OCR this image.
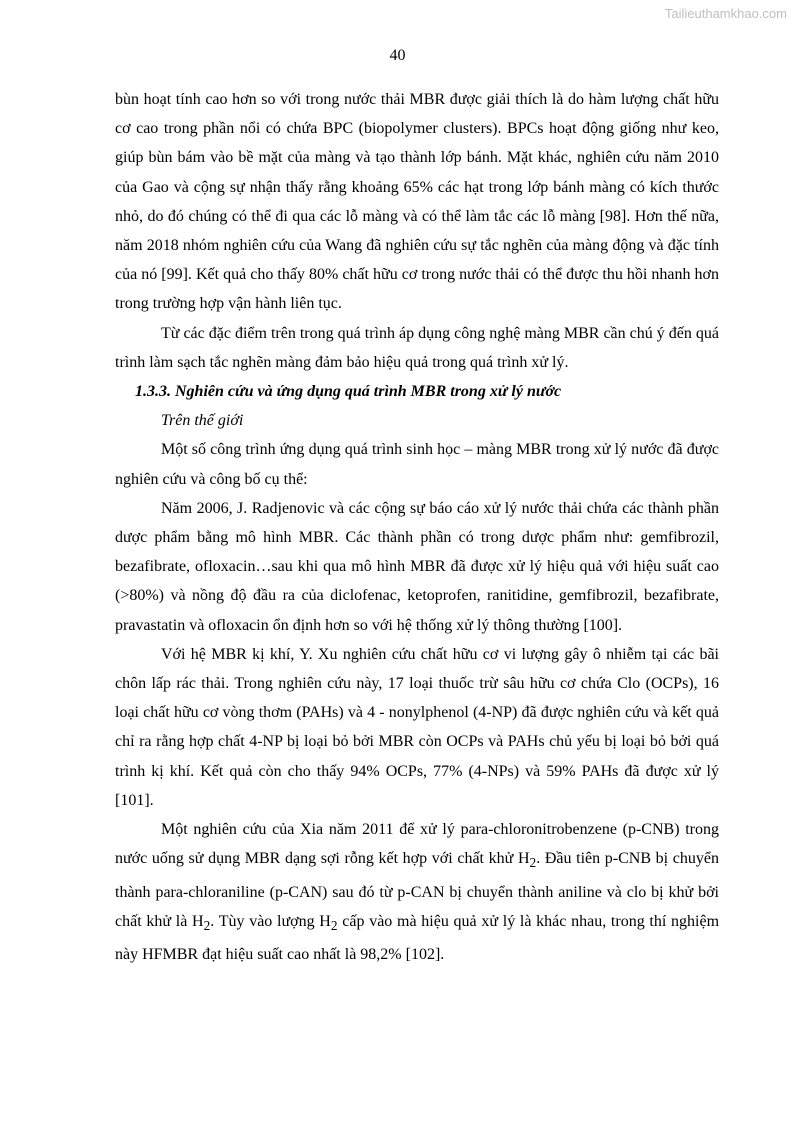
Tailieuthamkhao.com
40

bùn hoạt tính cao hơn so với trong nước thải MBR được giải thích là do hàm lượng chất hữu cơ cao trong phần nổi có chứa BPC (biopolymer clusters). BPCs hoạt động giống như keo, giúp bùn bám vào bề mặt của màng và tạo thành lớp bánh. Mặt khác, nghiên cứu năm 2010 của Gao và cộng sự nhận thấy rằng khoảng 65% các hạt trong lớp bánh màng có kích thước nhỏ, do đó chúng có thể đi qua các lỗ màng và có thể làm tắc các lỗ màng [98]. Hơn thế nữa, năm 2018 nhóm nghiên cứu của Wang đã nghiên cứu sự tắc nghẽn của màng động và đặc tính của nó [99]. Kết quả cho thấy 80% chất hữu cơ trong nước thải có thể được thu hồi nhanh hơn trong trường hợp vận hành liên tục.

Từ các đặc điểm trên trong quá trình áp dụng công nghệ màng MBR cần chú ý đến quá trình làm sạch tắc nghẽn màng đảm bảo hiệu quả trong quá trình xử lý.

1.3.3. Nghiên cứu và ứng dụng quá trình MBR trong xử lý nước

Trên thế giới

Một số công trình ứng dụng quá trình sinh học – màng MBR trong xử lý nước đã được nghiên cứu và công bố cụ thể:

Năm 2006, J. Radjenovic và các cộng sự báo cáo xử lý nước thải chứa các thành phần dược phẩm bằng mô hình MBR. Các thành phần có trong dược phẩm như: gemfibrozil, bezafibrate, ofloxacin…sau khi qua mô hình MBR đã được xử lý hiệu quả với hiệu suất cao (>80%) và nồng độ đầu ra của diclofenac, ketoprofen, ranitidine, gemfibrozil, bezafibrate, pravastatin và ofloxacin ổn định hơn so với hệ thống xử lý thông thường [100].

Với hệ MBR kị khí, Y. Xu nghiên cứu chất hữu cơ vi lượng gây ô nhiễm tại các bãi chôn lấp rác thải. Trong nghiên cứu này, 17 loại thuốc trừ sâu hữu cơ chứa Clo (OCPs), 16 loại chất hữu cơ vòng thơm (PAHs) và 4 - nonylphenol (4-NP) đã được nghiên cứu và kết quả chỉ ra rằng hợp chất 4-NP bị loại bỏ bởi MBR còn OCPs và PAHs chủ yếu bị loại bỏ bởi quá trình kị khí. Kết quả còn cho thấy 94% OCPs, 77% (4-NPs) và 59% PAHs đã được xử lý [101].

Một nghiên cứu của Xia năm 2011 để xử lý para-chloronitrobenzene (p-CNB) trong nước uống sử dụng MBR dạng sợi rỗng kết hợp với chất khử $H_2$. Đầu tiên p-CNB bị chuyển thành para-chloraniline (p-CAN) sau đó từ p-CAN bị chuyển thành aniline và clo bị khử bởi chất khử là $H_2$. Tùy vào lượng $H_2$ cấp vào mà hiệu quả xử lý là khác nhau, trong thí nghiệm này HFMBR đạt hiệu suất cao nhất là 98,2% [102].
